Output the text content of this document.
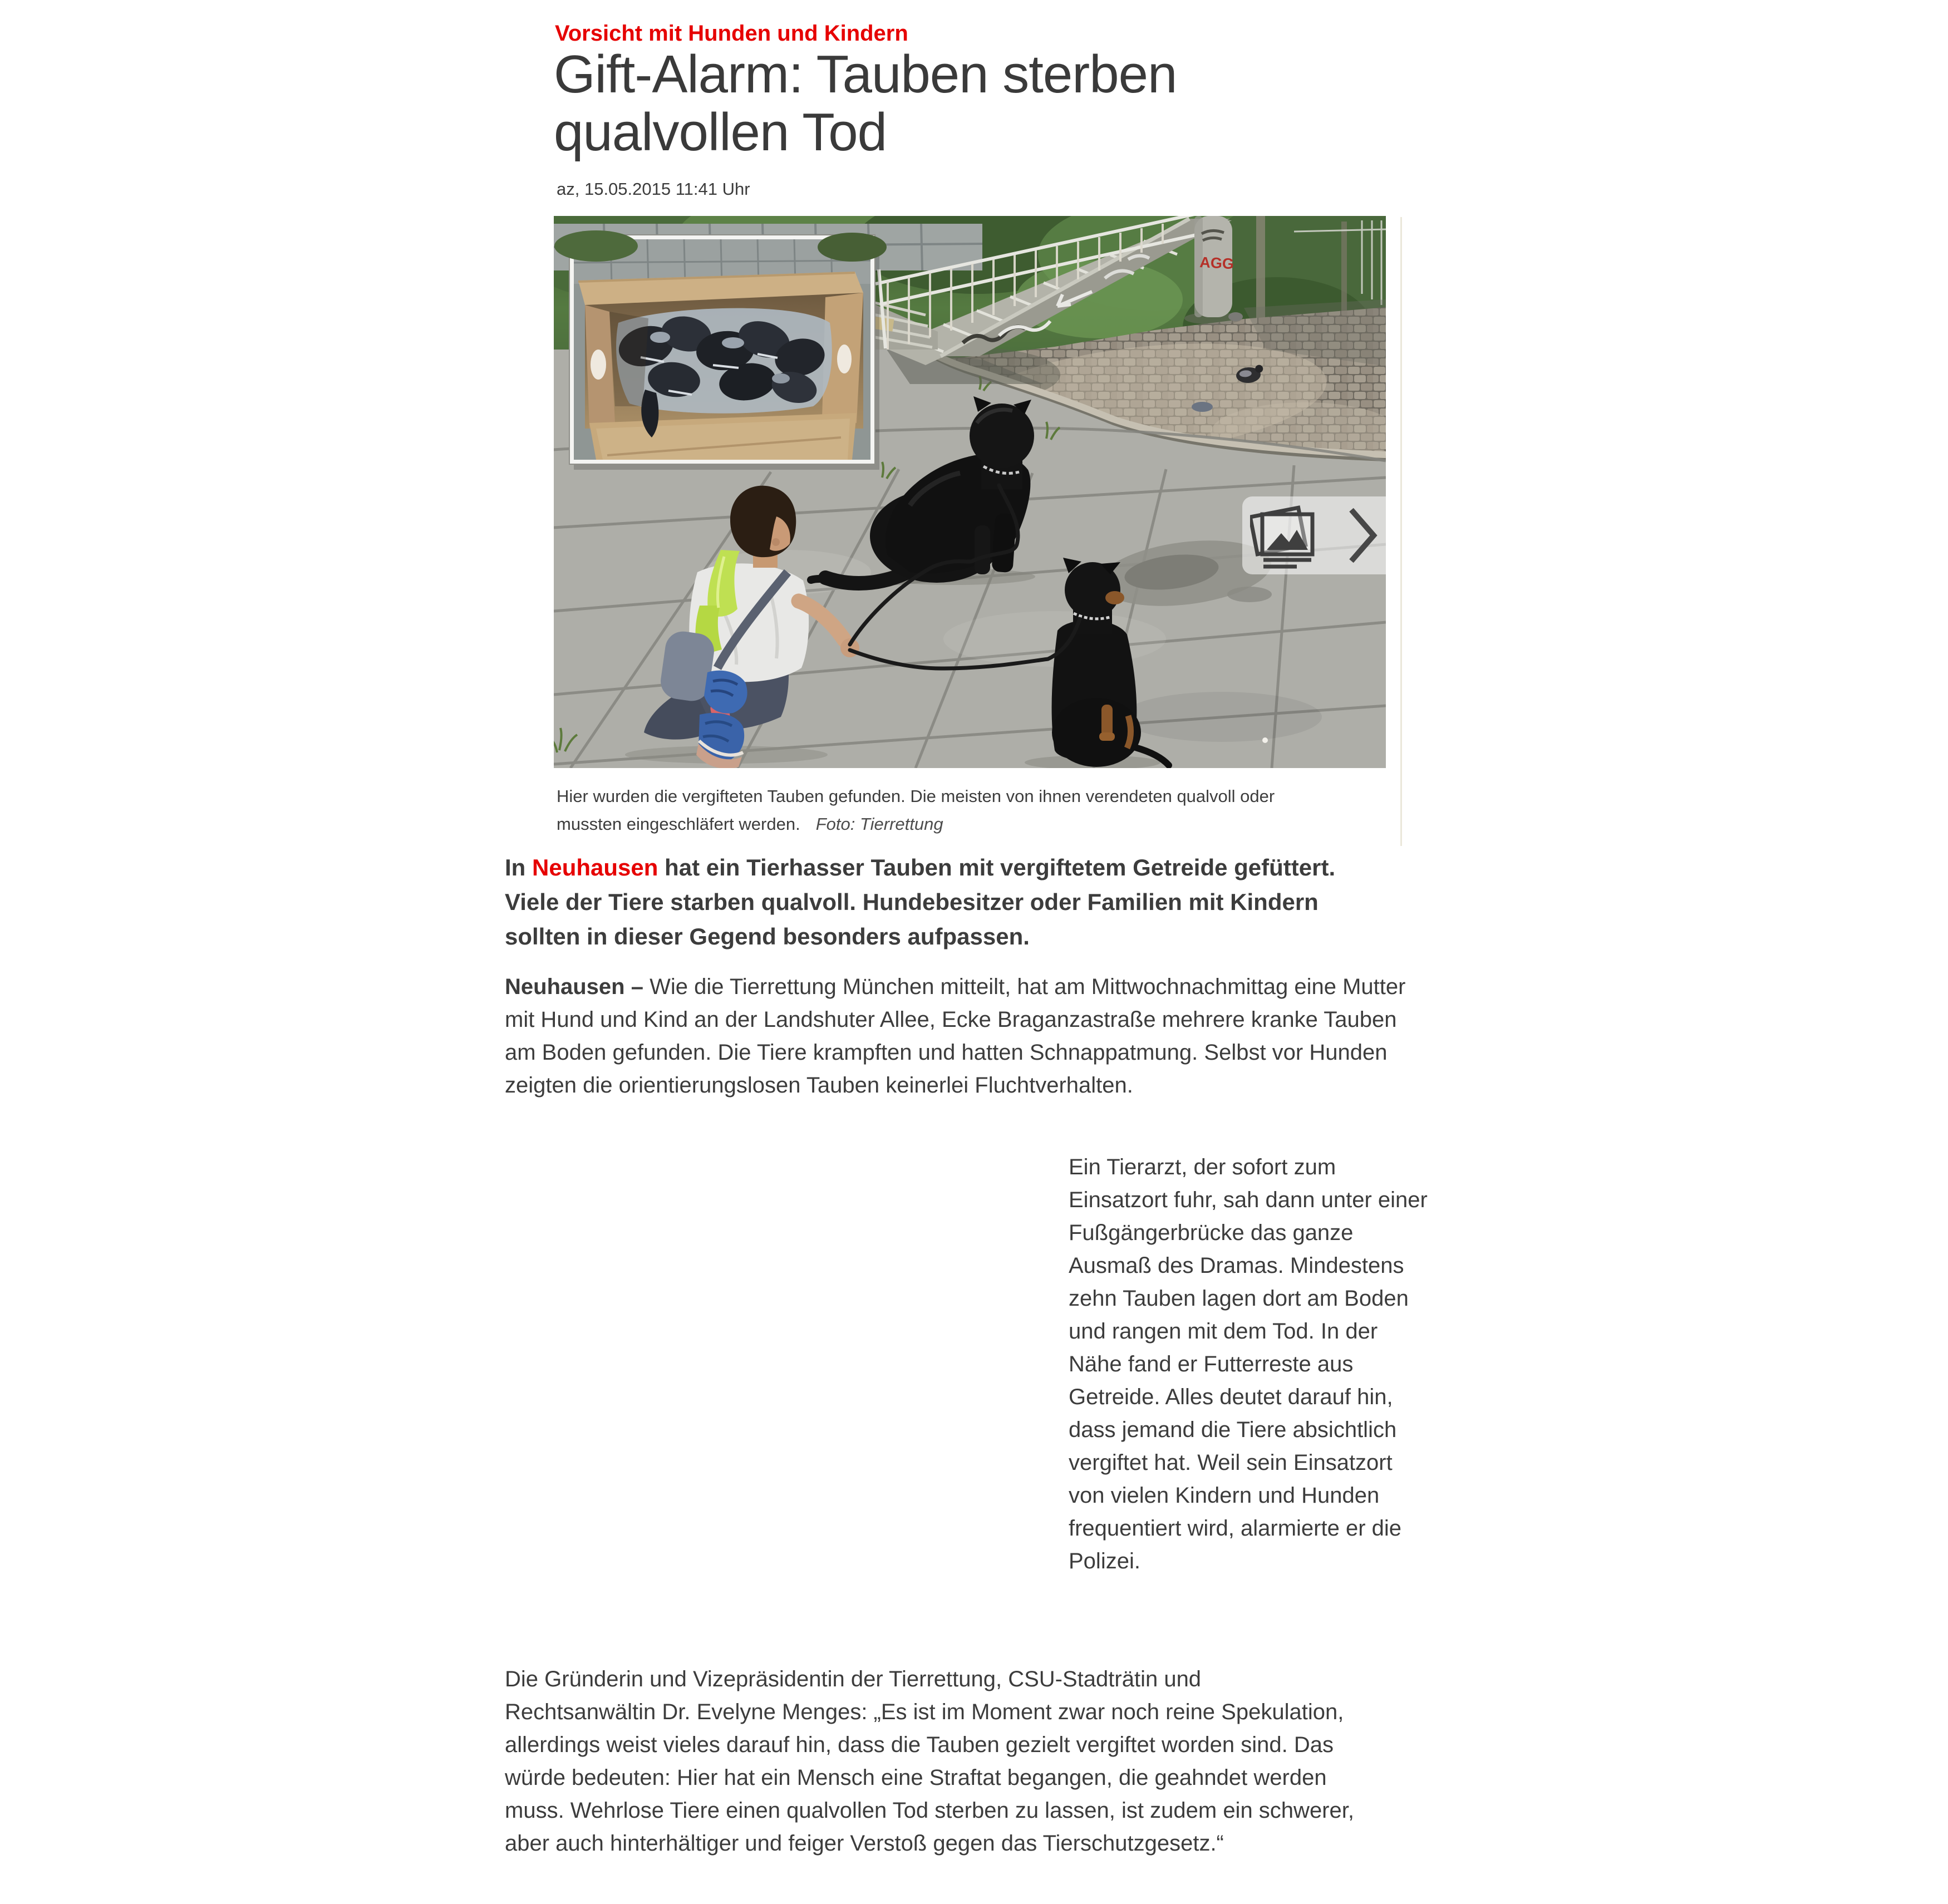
Vorsicht mit Hunden und Kindern
Gift-Alarm: Tauben sterben qualvollen Tod
az, 15.05.2015 11:41 Uhr
AGG
Hier wurden die vergifteten Tauben gefunden. Die meisten von ihnen verendeten qualvoll oder mussten eingeschläfert werden. Foto: Tierrettung

In Neuhausen hat ein Tierhasser Tauben mit vergiftetem Getreide gefüttert. Viele der Tiere starben qualvoll. Hundebesitzer oder Familien mit Kindern sollten in dieser Gegend besonders aufpassen.

Neuhausen – Wie die Tierrettung München mitteilt, hat am Mittwochnachmittag eine Mutter mit Hund und Kind an der Landshuter Allee, Ecke Braganzastraße mehrere kranke Tauben am Boden gefunden. Die Tiere krampften und hatten Schnappatmung. Selbst vor Hunden zeigten die orientierungslosen Tauben keinerlei Fluchtverhalten.

Ein Tierarzt, der sofort zum Einsatzort fuhr, sah dann unter einer Fußgängerbrücke das ganze Ausmaß des Dramas. Mindestens zehn Tauben lagen dort am Boden und rangen mit dem Tod. In der Nähe fand er Futterreste aus Getreide. Alles deutet darauf hin, dass jemand die Tiere absichtlich vergiftet hat. Weil sein Einsatzort von vielen Kindern und Hunden frequentiert wird, alarmierte er die Polizei.

Die Gründerin und Vizepräsidentin der Tierrettung, CSU-Stadträtin und Rechtsanwältin Dr. Evelyne Menges: „Es ist im Moment zwar noch reine Spekulation, allerdings weist vieles darauf hin, dass die Tauben gezielt vergiftet worden sind. Das würde bedeuten: Hier hat ein Mensch eine Straftat begangen, die geahndet werden muss. Wehrlose Tiere einen qualvollen Tod sterben zu lassen, ist zudem ein schwerer, aber auch hinterhältiger und feiger Verstoß gegen das Tierschutzgesetz.“
